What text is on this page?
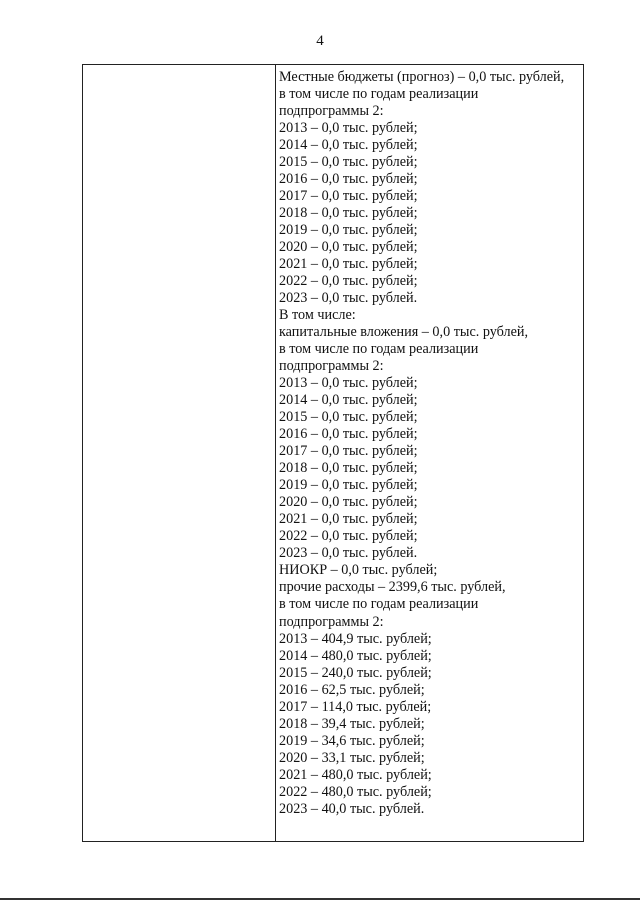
4
Местные бюджеты (прогноз) – 0,0 тыс. рублей,
в том числе по годам реализации
подпрограммы 2:
2013 – 0,0 тыс. рублей;
2014 – 0,0 тыс. рублей;
2015 – 0,0 тыс. рублей;
2016 – 0,0 тыс. рублей;
2017 – 0,0 тыс. рублей;
2018 – 0,0 тыс. рублей;
2019 – 0,0 тыс. рублей;
2020 – 0,0 тыс. рублей;
2021 – 0,0 тыс. рублей;
2022 – 0,0 тыс. рублей;
2023 – 0,0 тыс. рублей.
В том числе:
капитальные вложения – 0,0 тыс. рублей,
в том числе по годам реализации
подпрограммы 2:
2013 – 0,0 тыс. рублей;
2014 – 0,0 тыс. рублей;
2015 – 0,0 тыс. рублей;
2016 – 0,0 тыс. рублей;
2017 – 0,0 тыс. рублей;
2018 – 0,0 тыс. рублей;
2019 – 0,0 тыс. рублей;
2020 – 0,0 тыс. рублей;
2021 – 0,0 тыс. рублей;
2022 – 0,0 тыс. рублей;
2023 – 0,0 тыс. рублей.
НИОКР – 0,0 тыс. рублей;
прочие расходы – 2399,6 тыс. рублей,
в том числе по годам реализации
подпрограммы 2:
2013 – 404,9 тыс. рублей;
2014 – 480,0 тыс. рублей;
2015 – 240,0 тыс. рублей;
2016 – 62,5 тыс. рублей;
2017 – 114,0 тыс. рублей;
2018 – 39,4 тыс. рублей;
2019 – 34,6 тыс. рублей;
2020 – 33,1 тыс. рублей;
2021 – 480,0 тыс. рублей;
2022 – 480,0 тыс. рублей;
2023 – 40,0 тыс. рублей.
